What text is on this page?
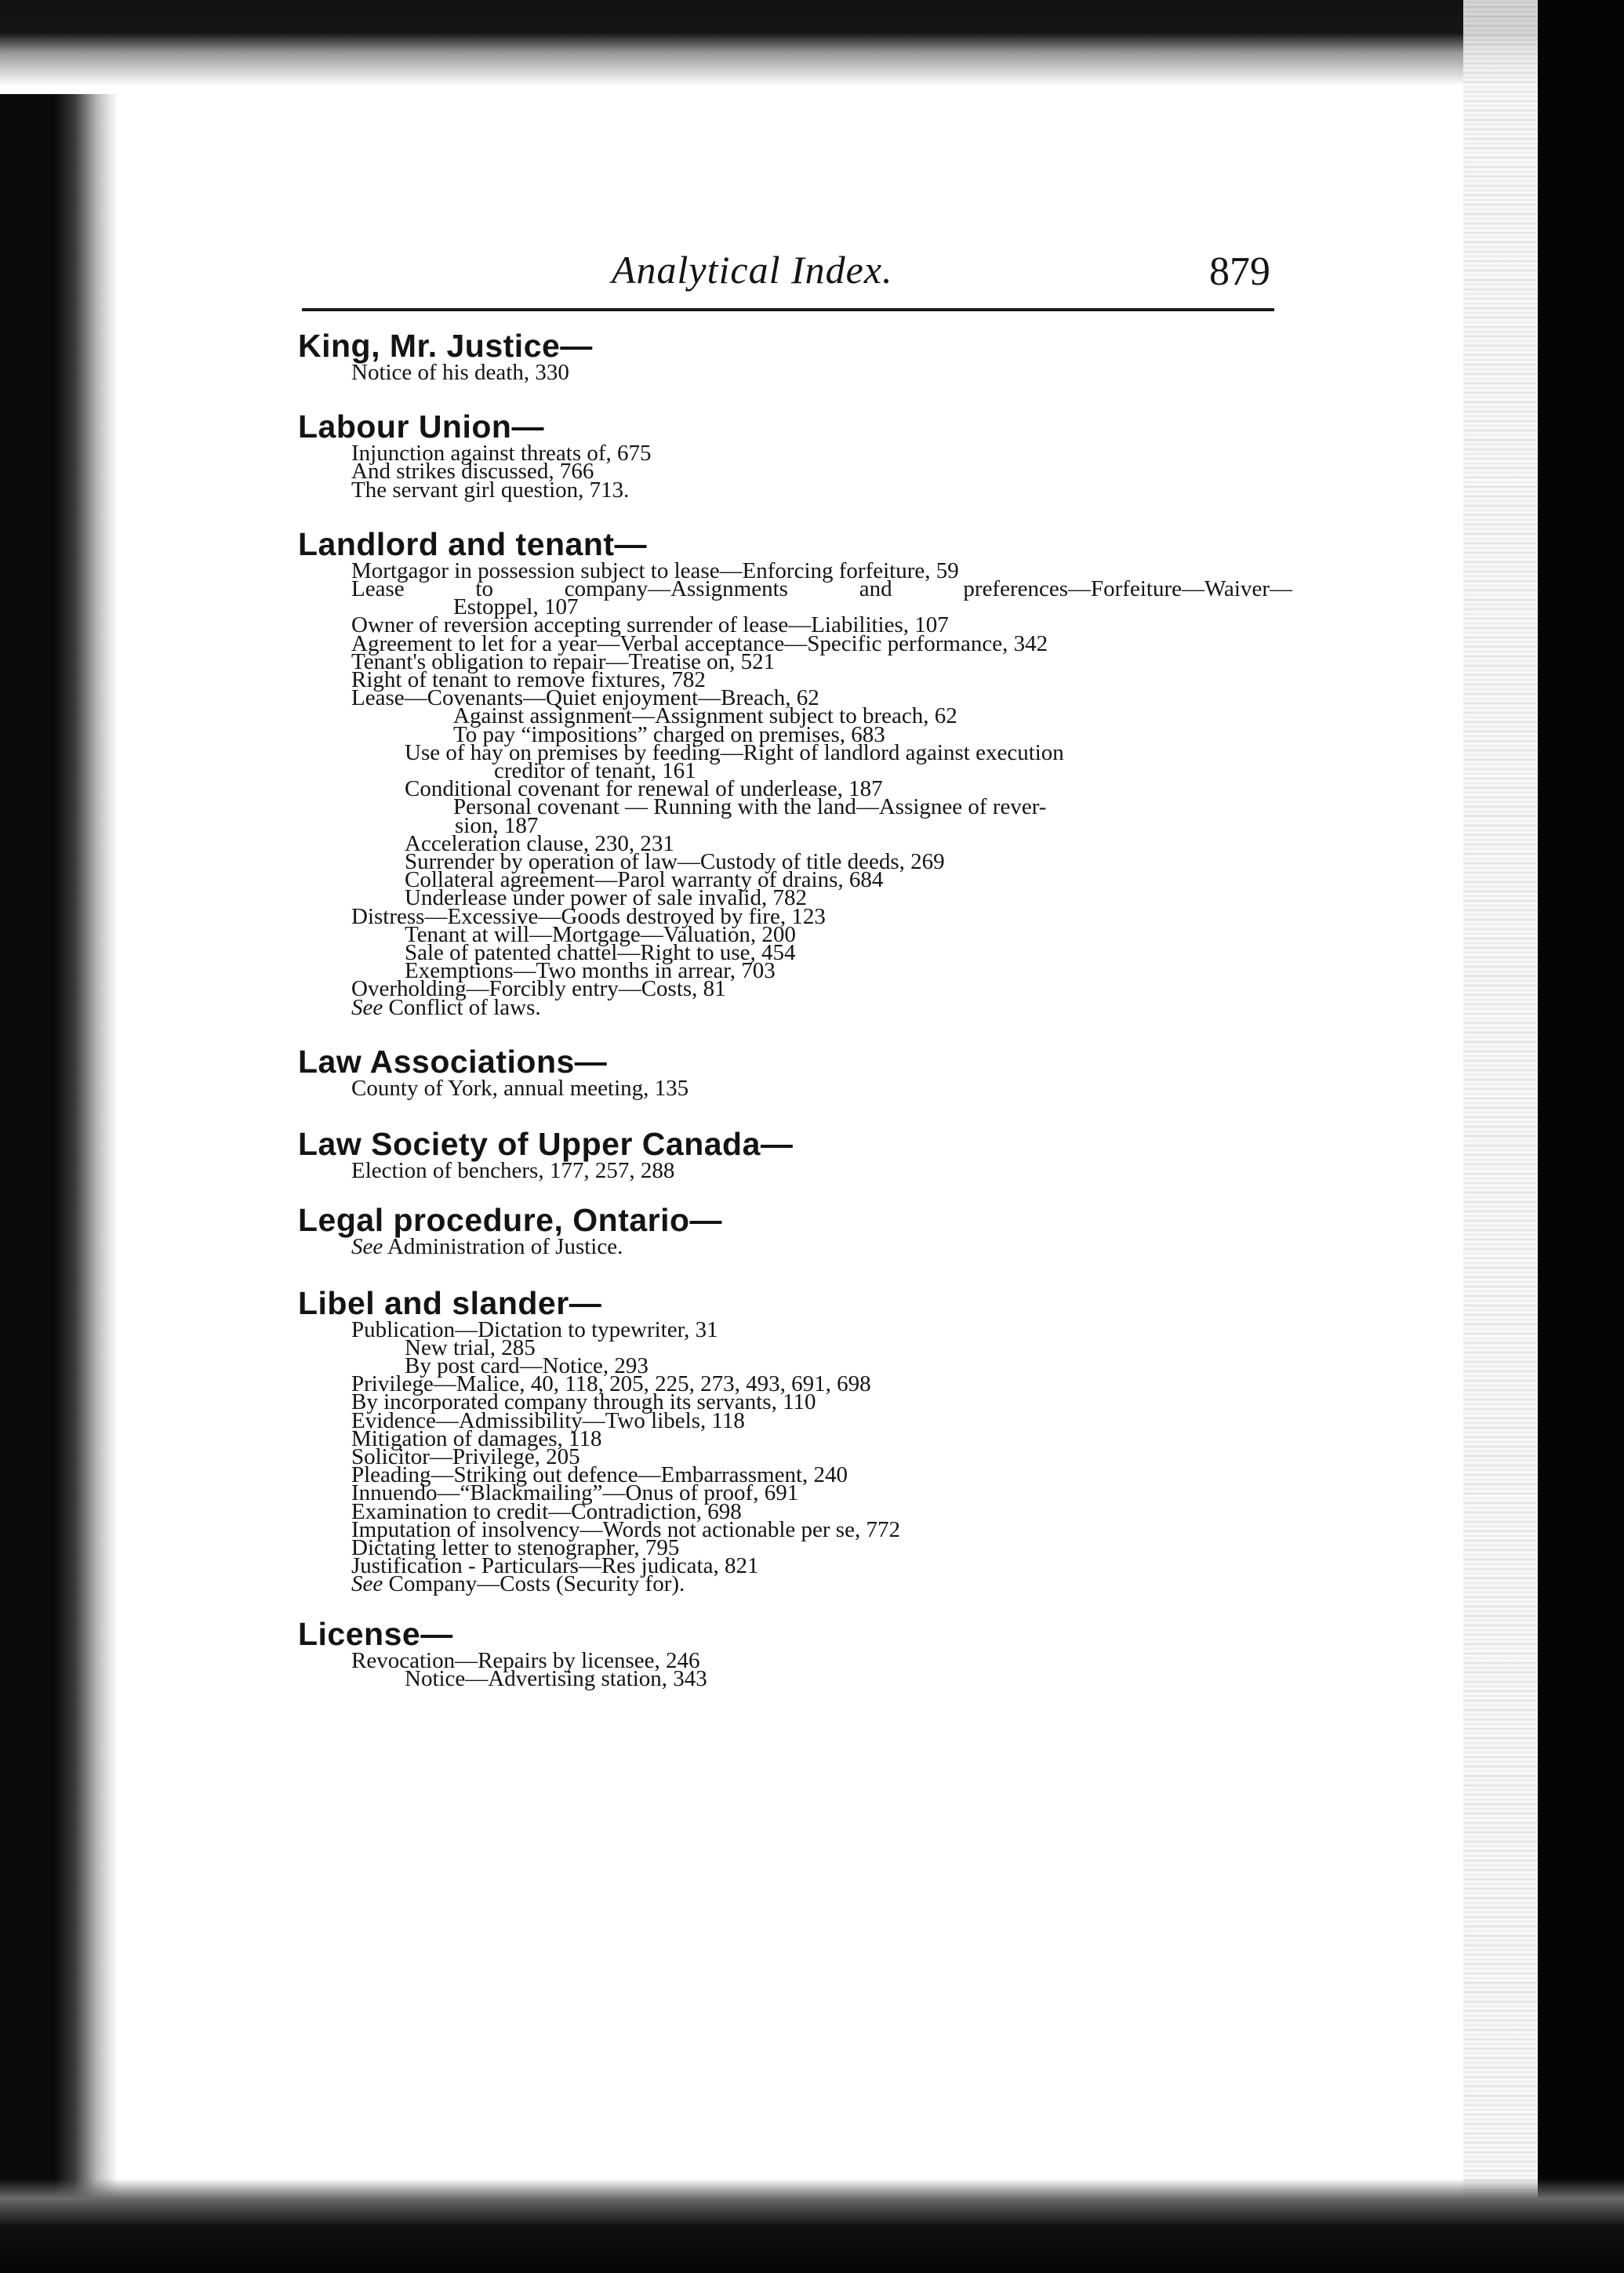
Analytical Index.	879
King, Mr. Justice—
Notice of his death, 330
Labour Union—
Injunction against threats of, 675
And strikes discussed, 766
The servant girl question, 713.
Landlord and tenant—
Mortgagor in possession subject to lease—Enforcing forfeiture, 59
Lease to company—Assignments and preferences—Forfeiture—Waiver—
Estoppel, 107
Owner of reversion accepting surrender of lease—Liabilities, 107
Agreement to let for a year—Verbal acceptance—Specific performance, 342
Tenant's obligation to repair—Treatise on, 521
Right of tenant to remove fixtures, 782
Lease—Covenants—Quiet enjoyment—Breach, 62
Against assignment—Assignment subject to breach, 62
To pay “impositions” charged on premises, 683
Use of hay on premises by feeding—Right of landlord against execution
creditor of tenant, 161
Conditional covenant for renewal of underlease, 187
Personal covenant — Running with the land—Assignee of rever-
sion, 187
Acceleration clause, 230, 231
Surrender by operation of law—Custody of title deeds, 269
Collateral agreement—Parol warranty of drains, 684
Underlease under power of sale invalid, 782
Distress—Excessive—Goods destroyed by fire, 123
Tenant at will—Mortgage—Valuation, 200
Sale of patented chattel—Right to use, 454
Exemptions—Two months in arrear, 703
Overholding—Forcibly entry—Costs, 81
See Conflict of laws.
Law Associations—
County of York, annual meeting, 135
Law Society of Upper Canada—
Election of benchers, 177, 257, 288
Legal procedure, Ontario—
See Administration of Justice.
Libel and slander—
Publication—Dictation to typewriter, 31
New trial, 285
By post card—Notice, 293
Privilege—Malice, 40, 118, 205, 225, 273, 493, 691, 698
By incorporated company through its servants, 110
Evidence—Admissibility—Two libels, 118
Mitigation of damages, 118
Solicitor—Privilege, 205
Pleading—Striking out defence—Embarrassment, 240
Innuendo—“Blackmailing”—Onus of proof, 691
Examination to credit—Contradiction, 698
Imputation of insolvency—Words not actionable per se, 772
Dictating letter to stenographer, 795
Justification - Particulars—Res judicata, 821
See Company—Costs (Security for).
License—
Revocation—Repairs by licensee, 246
Notice—Advertising station, 343
